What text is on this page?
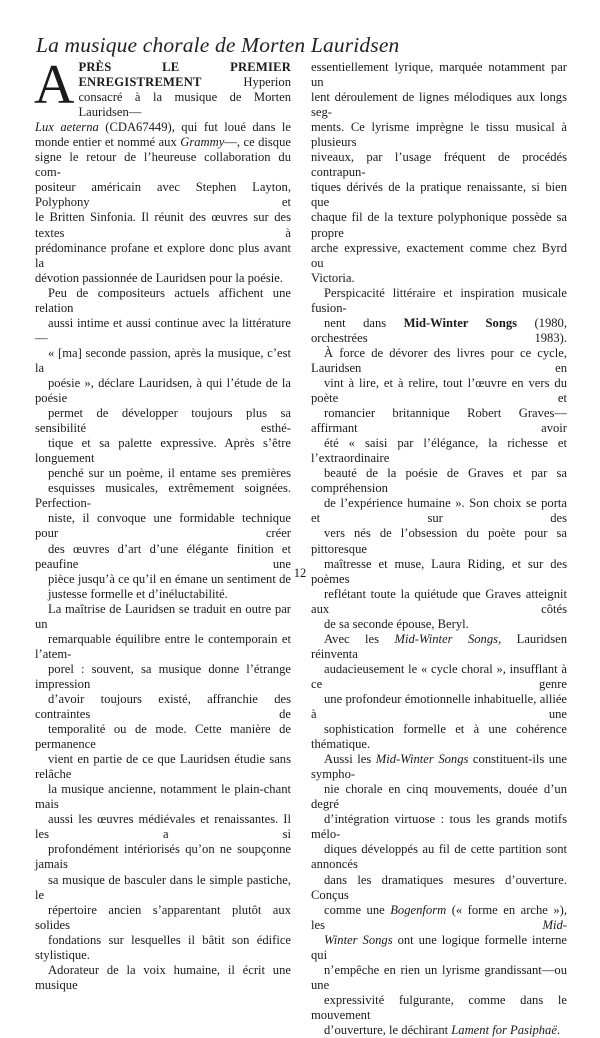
La musique chorale de Morten Lauridsen

A PRÈS LE PREMIER ENREGISTREMENT Hyperion
consacré à la musique de Morten Lauridsen—
Lux aeterna (CDA67449), qui fut loué dans le
monde entier et nommé aux Grammy—, ce disque
signe le retour de l’heureuse collaboration du com-
positeur américain avec Stephen Layton, Polyphony et
le Britten Sinfonia. Il réunit des œuvres sur des textes à
prédominance profane et explore donc plus avant la
dévotion passionnée de Lauridsen pour la poésie.

Peu de compositeurs actuels affichent une relation
aussi intime et aussi continue avec la littérature—
« [ma] seconde passion, après la musique, c’est la
poésie », déclare Lauridsen, à qui l’étude de la poésie
permet de développer toujours plus sa sensibilité esthé-
tique et sa palette expressive. Après s’être longuement
penché sur un poème, il entame ses premières
esquisses musicales, extrêmement soignées. Perfection-
niste, il convoque une formidable technique pour créer
des œuvres d’art d’une élégante finition et peaufine une
pièce jusqu’à ce qu’il en émane un sentiment de
justesse formelle et d’inéluctabilité.

La maîtrise de Lauridsen se traduit en outre par un
remarquable équilibre entre le contemporain et l’atem-
porel : souvent, sa musique donne l’étrange impression
d’avoir toujours existé, affranchie des contraintes de
temporalité ou de mode. Cette manière de permanence
vient en partie de ce que Lauridsen étudie sans relâche
la musique ancienne, notamment le plain-chant mais
aussi les œuvres médiévales et renaissantes. Il les a si
profondément intériorisés qu’on ne soupçonne jamais
sa musique de basculer dans le simple pastiche, le
répertoire ancien s’apparentant plutôt aux solides
fondations sur lesquelles il bâtit son édifice stylistique.
Adorateur de la voix humaine, il écrit une musique

essentiellement lyrique, marquée notamment par un
lent déroulement de lignes mélodiques aux longs seg-
ments. Ce lyrisme imprègne le tissu musical à plusieurs
niveaux, par l’usage fréquent de procédés contrapun-
tiques dérivés de la pratique renaissante, si bien que
chaque fil de la texture polyphonique possède sa propre
arche expressive, exactement comme chez Byrd ou
Victoria.

Perspicacité littéraire et inspiration musicale fusion-
nent dans Mid-Winter Songs (1980, orchestrées 1983).
À force de dévorer des livres pour ce cycle, Lauridsen en
vint à lire, et à relire, tout l’œuvre en vers du poète et
romancier britannique Robert Graves—affirmant avoir
été « saisi par l’élégance, la richesse et l’extraordinaire
beauté de la poésie de Graves et par sa compréhension
de l’expérience humaine ». Son choix se porta et sur des
vers nés de l’obsession du poète pour sa pittoresque
maîtresse et muse, Laura Riding, et sur des poèmes
reflétant toute la quiétude que Graves atteignit aux côtés
de sa seconde épouse, Beryl.

Avec les Mid-Winter Songs, Lauridsen réinventa
audacieusement le « cycle choral », insufflant à ce genre
une profondeur émotionnelle inhabituelle, alliée à une
sophistication formelle et à une cohérence thématique.
Aussi les Mid-Winter Songs constituent-ils une sympho-
nie chorale en cinq mouvements, douée d’un degré
d’intégration virtuose : tous les grands motifs mélo-
diques développés au fil de cette partition sont annoncés
dans les dramatiques mesures d’ouverture. Conçus
comme une Bogenform (« forme en arche »), les Mid-
Winter Songs ont une logique formelle interne qui
n’empêche en rien un lyrisme grandissant—ou une
expressivité fulgurante, comme dans le mouvement
d’ouverture, le déchirant Lament for Pasiphaë.

12
